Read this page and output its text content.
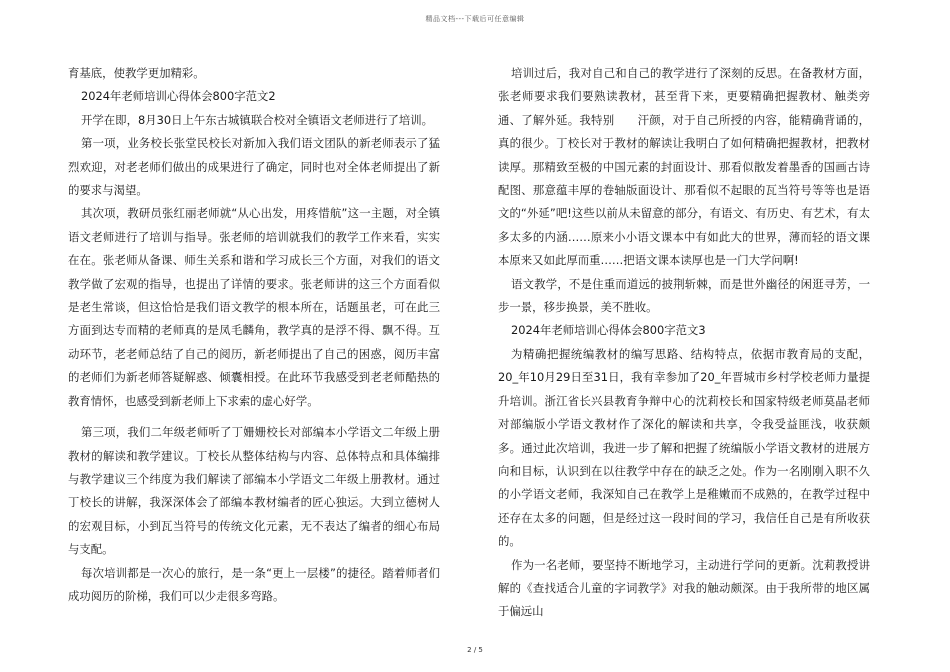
精品文档---下载后可任意编辑

育基底，使教学更加精彩。

2024年老师培训心得体会800字范文2

开学在即，8月30日上午东古城镇联合校对全镇语文老师进行了培训。

第一项，业务校长张堂民校长对新加入我们语文团队的新老师表示了猛烈欢迎，对老老师们做出的成果进行了确定，同时也对全体老师提出了新的要求与渴望。

其次项，教研员张红丽老师就“从心出发，用疼惜航”这一主题，对全镇语文老师进行了培训与指导。张老师的培训就我们的教学工作来看，实实在在。张老师从备课、师生关系和谐和学习成长三个方面，对我们的语文教学做了宏观的指导，也提出了详情的要求。张老师讲的这三个方面看似是老生常谈，但这恰恰是我们语文教学的根本所在，话题虽老，可在此三方面到达专而精的老师真的是凤毛麟角，教学真的是浮不得、飘不得。互动环节，老老师总结了自己的阅历，新老师提出了自己的困惑，阅历丰富的老师们为新老师答疑解惑、倾囊相授。在此环节我感受到老老师酷热的教育情怀，也感受到新老师上下求索的虚心好学。

第三项，我们二年级老师听了丁姗姗校长对部编本小学语文二年级上册教材的解读和教学建议。丁校长从整体结构与内容、总体特点和具体编排与教学建议三个纬度为我们解读了部编本小学语文二年级上册教材。通过丁校长的讲解，我深深体会了部编本教材编者的匠心独运。大到立德树人的宏观目标，小到瓦当符号的传统文化元素，无不表达了编者的细心布局与支配。

每次培训都是一次心的旅行，是一条“更上一层楼”的捷径。踏着师者们成功阅历的阶梯，我们可以少走很多弯路。

培训过后，我对自己和自己的教学进行了深刻的反思。在备教材方面，张老师要求我们要熟读教材，甚至背下来，更要精确把握教材、触类旁通、了解外延。我特别　　汗颜，对于自己所授的内容，能精确背诵的，真的很少。丁校长对于教材的解读让我明白了如何精确把握教材，把教材读厚。那精致至极的中国元素的封面设计、那看似散发着墨香的国画古诗配图、那意蕴丰厚的卷轴版面设计、那看似不起眼的瓦当符号等等也是语文的“外延”吧!这些以前从未留意的部分，有语文、有历史、有艺术，有太多太多的内涵……原来小小语文课本中有如此大的世界，薄而轻的语文课本原来又如此厚而重……把语文课本读厚也是一门大学问啊!

语文教学，不是住重而道远的披荆斩棘，而是世外幽径的闲逛寻芳，一步一景，移步换景，美不胜收。

2024年老师培训心得体会800字范文3

为精确把握统编教材的编写思路、结构特点，依据市教育局的支配，20_年10月29日至31日，我有幸参加了20_年晋城市乡村学校老师力量提升培训。浙江省长兴县教育争辩中心的沈莉校长和国家特级老师莫晶老师对部编版小学语文教材作了深化的解读和共享，令我受益匪浅，收获颇多。通过此次培训，我进一步了解和把握了统编版小学语文教材的进展方向和目标，认识到在以往教学中存在的缺乏之处。作为一名刚刚入职不久的小学语文老师，我深知自己在教学上是稚嫩而不成熟的，在教学过程中还存在太多的问题，但是经过这一段时间的学习，我信任自己是有所收获的。

作为一名老师，要坚持不断地学习，主动进行学问的更新。沈莉教授讲解的《查找适合儿童的字词教学》对我的触动颇深。由于我所带的地区属于偏远山

2 / 5
